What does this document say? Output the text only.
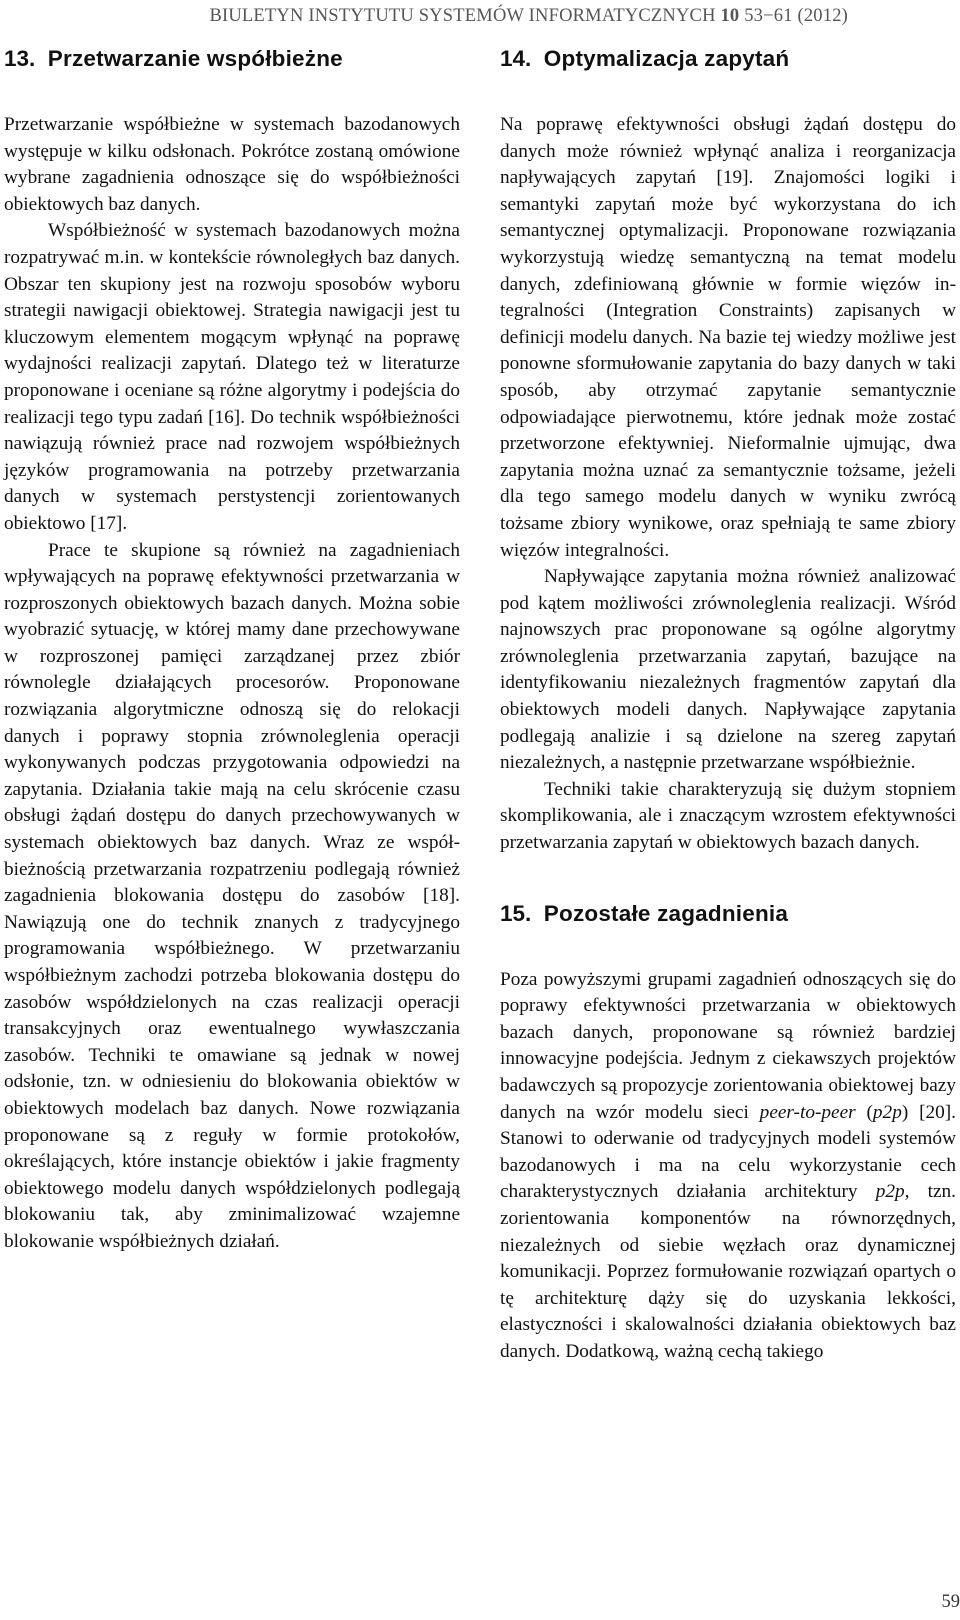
BIULETYN INSTYTUTU SYSTEMÓW INFORMATYCZNYCH 10 53−61 (2012)
13. Przetwarzanie współbieżne

Przetwarzanie współbieżne w systemach bazodanowych występuje w kilku odsłonach. Pokrótce zostaną omówione wybrane zagadnienia odnoszące się do współbieżności obiektowych baz danych.

Współbieżność w systemach bazodanowych można rozpatrywać m.in. w kontekście równoległych baz danych. Obszar ten skupiony jest na rozwoju sposobów wyboru strategii nawigacji obiektowej. Strategia nawigacji jest tu kluczowym elementem mogącym wpłynąć na poprawę wydajności realizacji zapytań. Dlatego też w literaturze proponowane i oceniane są różne algorytmy i podejścia do realizacji tego typu zadań [16]. Do technik współbieżności nawiązują również prace nad rozwojem współbieżnych języków programowania na potrzeby przetwarzania danych w systemach perstystencji zorientowanych obiektowo [17].

Prace te skupione są również na zagadnieniach wpływających na poprawę efektywności przetwarzania w rozproszonych obiektowych bazach danych. Można sobie wyobrazić sytuację, w której mamy dane przechowywane w rozproszonej pamięci zarządzanej przez zbiór równolegle działających procesorów. Proponowane rozwiązania algorytmiczne odnoszą się do relokacji danych i poprawy stopnia zrównoleglenia operacji wykonywanych podczas przygotowania odpowiedzi na zapytania. Działania takie mają na celu skrócenie czasu obsługi żądań dostępu do danych przechowywanych w systemach obiektowych baz danych. Wraz ze współbieżnością przetwarzania rozpatrzeniu podlegają również zagadnienia blokowania dostępu do zasobów [18]. Nawiązują one do technik znanych z tradycyjnego programowania współbieżnego. W przetwarzaniu współbieżnym zachodzi potrzeba blokowania dostępu do zasobów współdzielonych na czas realizacji operacji transakcyjnych oraz ewentualnego wywłaszczania zasobów. Techniki te omawiane są jednak w nowej odsłonie, tzn. w odniesieniu do blokowania obiektów w obiektowych modelach baz danych. Nowe rozwiązania proponowane są z reguły w formie protokołów, określających, które instancje obiektów i jakie fragmenty obiektowego modelu danych współdzielonych podlegają blokowaniu tak, aby zminimalizować wzajemne blokowanie współbieżnych działań.

14. Optymalizacja zapytań

Na poprawę efektywności obsługi żądań dostępu do danych może również wpłynąć analiza i reorganizacja napływających zapytań [19]. Znajomości logiki i semantyki zapytań może być wykorzystana do ich semantycznej optymalizacji. Proponowane rozwiązania wykorzystują wiedzę semantyczną na temat modelu danych, zdefiniowaną głównie w formie więzów integralności (Integration Constraints) zapisanych w definicji modelu danych. Na bazie tej wiedzy możliwe jest ponowne sformułowanie zapytania do bazy danych w taki sposób, aby otrzymać zapytanie semantycznie odpowiadające pierwotnemu, które jednak może zostać przetworzone efektywniej. Nieformalnie ujmując, dwa zapytania można uznać za semantycznie tożsame, jeżeli dla tego samego modelu danych w wyniku zwrócą tożsame zbiory wynikowe, oraz spełniają te same zbiory więzów integralności.

Napływające zapytania można również analizować pod kątem możliwości zrównoleglenia realizacji. Wśród najnowszych prac proponowane są ogólne algorytmy zrównoleglenia przetwarzania zapytań, bazujące na identyfikowaniu niezależnych fragmentów zapytań dla obiektowych modeli danych. Napływające zapytania podlegają analizie i są dzielone na szereg zapytań niezależnych, a następnie przetwarzane współbieżnie.

Techniki takie charakteryzują się dużym stopniem skomplikowania, ale i znaczącym wzrostem efektywności przetwarzania zapytań w obiektowych bazach danych.

15. Pozostałe zagadnienia

Poza powyższymi grupami zagadnień odnoszących się do poprawy efektywności przetwarzania w obiektowych bazach danych, proponowane są również bardziej innowacyjne podejścia. Jednym z ciekawszych projektów badawczych są propozycje zorientowania obiektowej bazy danych na wzór modelu sieci peer-to-peer (p2p) [20]. Stanowi to oderwanie od tradycyjnych modeli systemów bazodanowych i ma na celu wykorzystanie cech charakterystycznych działania architektury p2p, tzn. zorientowania komponentów na równorzędnych, niezależnych od siebie węzłach oraz dynamicznej komunikacji. Poprzez formułowanie rozwiązań opartych o tę architekturę dąży się do uzyskania lekkości, elastyczności i skalowalności działania obiektowych baz danych. Dodatkową, ważną cechą takiego

59
